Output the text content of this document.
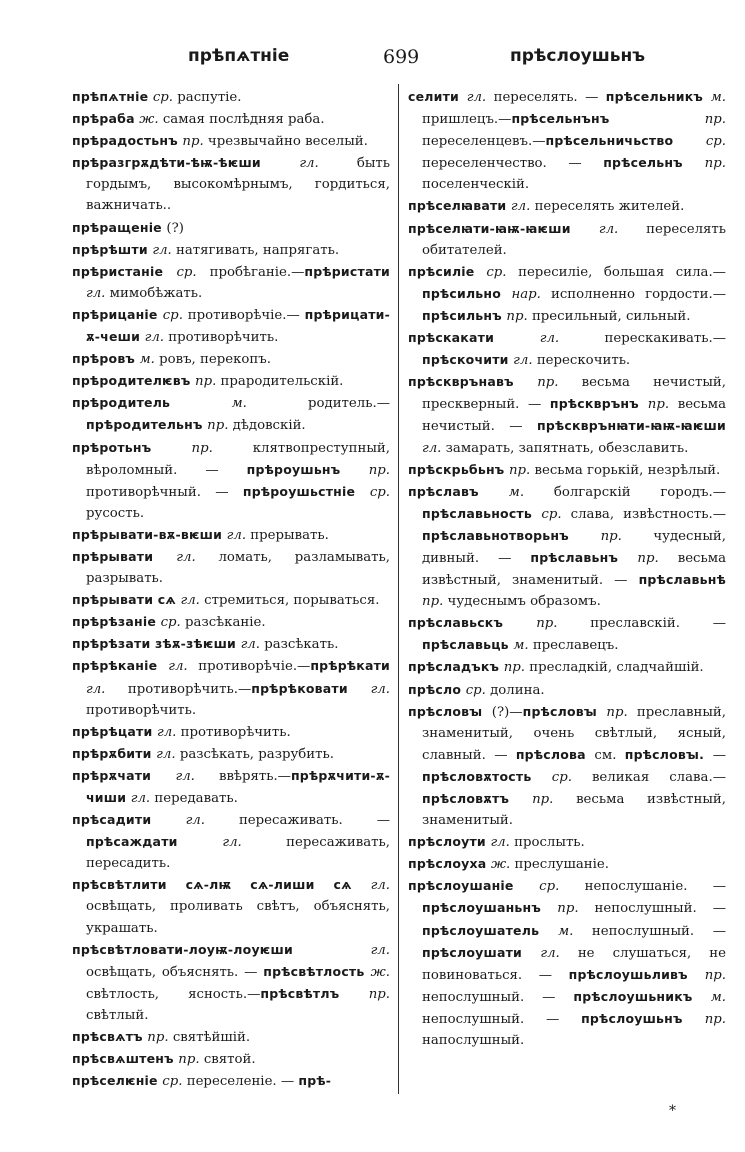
прѣпѧтніе	699	прѣслоушьнъ

прѣпѧтніе ср. распутіе.

прѣраба ж. самая послѣдняя раба.

прѣрадостьнъ пр. чрезвычайно веселый.

прѣразгрѫдѣти-ѣѭ-ѣѥши гл. быть гордымъ, высокомѣрнымъ, гордиться, важничать..

прѣращеніе (?)

прѣрѣшти гл. натягивать, напрягать.

прѣристаніе ср. пробѣганіе.—прѣристати гл. мимобѣжать.

прѣрицаніе ср. противорѣчіе.— прѣрицати-ѫ-чеши гл. противорѣчить.

прѣровъ м. ровъ, перекопъ.

прѣродителѥвъ пр. прародительскій.

прѣродитель м. родитель.—прѣродительнъ пр. дѣдовскій.

прѣротьнъ пр. клятвопреступный, вѣроломный. — прѣроушьнъ пр. противорѣчный. — прѣроушьстніе ср. русость.

прѣрывати-вѫ-вѥши гл. прерывать.

прѣрывати гл. ломать, разламывать, разрывать.

прѣрывати сѧ гл. стремиться, порываться.

прѣрѣзаніе ср. разсѣканіе.

прѣрѣзати зѣѫ-зѣѥши гл. разсѣкать.

прѣрѣканіе гл. противорѣчіе.—прѣрѣкати гл. противорѣчить.—прѣрѣковати гл. противорѣчить.

прѣрѣцати гл. противорѣчить.

прѣрѫбити гл. разсѣкать, разрубить.

прѣрѫчати гл. ввѣрять.—прѣрѫчити-ѫ-чиши гл. передавать.

прѣсадити гл. пересаживать. — прѣсаждати гл. пересаживать, пересадить.

прѣсвѣтлити сѧ-лѭ сѧ-лиши сѧ гл. освѣщать, проливать свѣтъ, объяснять, украшать.

прѣсвѣтловати-лоуѭ-лоуѥши гл. освѣщать, объяснять. — прѣсвѣтлость ж. свѣтлость, ясность.—прѣсвѣтлъ пр. свѣтлый.

прѣсвѧтъ пр. святѣйшій.

прѣсвѧштенъ пр. святой.

прѣселѥніе ср. переселеніе. — прѣ-

селити гл. переселять. — прѣсельникъ м. пришлецъ.—прѣсельнънъ пр. переселенцевъ.—прѣсельничьство ср. переселенчество. — прѣсельнъ пр. поселенческій.

прѣселꙗвати гл. переселять жителей.

прѣселꙗти-ꙗѭ-ꙗѥши гл. переселять обитателей.

прѣсиліе ср. пересиліе, большая сила.—прѣсильно нар. исполненно гордости.—прѣсильнъ пр. пресильный, сильный.

прѣскакати гл. перескакивать.—прѣскочити гл. перескочить.

прѣскврънавъ пр. весьма нечистый, прескверный. — прѣскврънъ пр. весьма нечистый. — прѣскврънꙗти-ꙗѭ-ꙗѥши гл. замарать, запятнать, обезславить.

прѣскрьбьнъ пр. весьма горькій, незрѣлый.

прѣславъ м. болгарскій городъ.—прѣславьность ср. слава, извѣстность.—прѣславьнотворьнъ пр. чудесный, дивный. — прѣславьнъ пр. весьма извѣстный, знаменитый. — прѣславьнѣ пр. чудеснымъ образомъ.

прѣславьскъ пр. преславскій. — прѣславьць м. преславецъ.

прѣсладъкъ пр. пресладкій, сладчайшій.

прѣсло ср. долина.

прѣсловꙑ (?)—прѣсловꙑ пр. преславный, знаменитый, очень свѣтлый, ясный, славный. — прѣслова см. прѣсловꙑ. — прѣсловѫтость ср. великая слава.—прѣсловѫтъ пр. весьма извѣстный, знаменитый.

прѣслоути гл. прослыть.

прѣслоуха ж. преслушаніе.

прѣслоушаніе ср. непослушаніе. — прѣслоушаньнъ пр. непослушный. — прѣслоушатель м. непослушный. — прѣслоушати гл. не слушаться, не повиноваться. — прѣслоушьливъ пр. непослушный. — прѣслоушьникъ м. непослушный. — прѣслоушьнъ пр. напослушный.

*
